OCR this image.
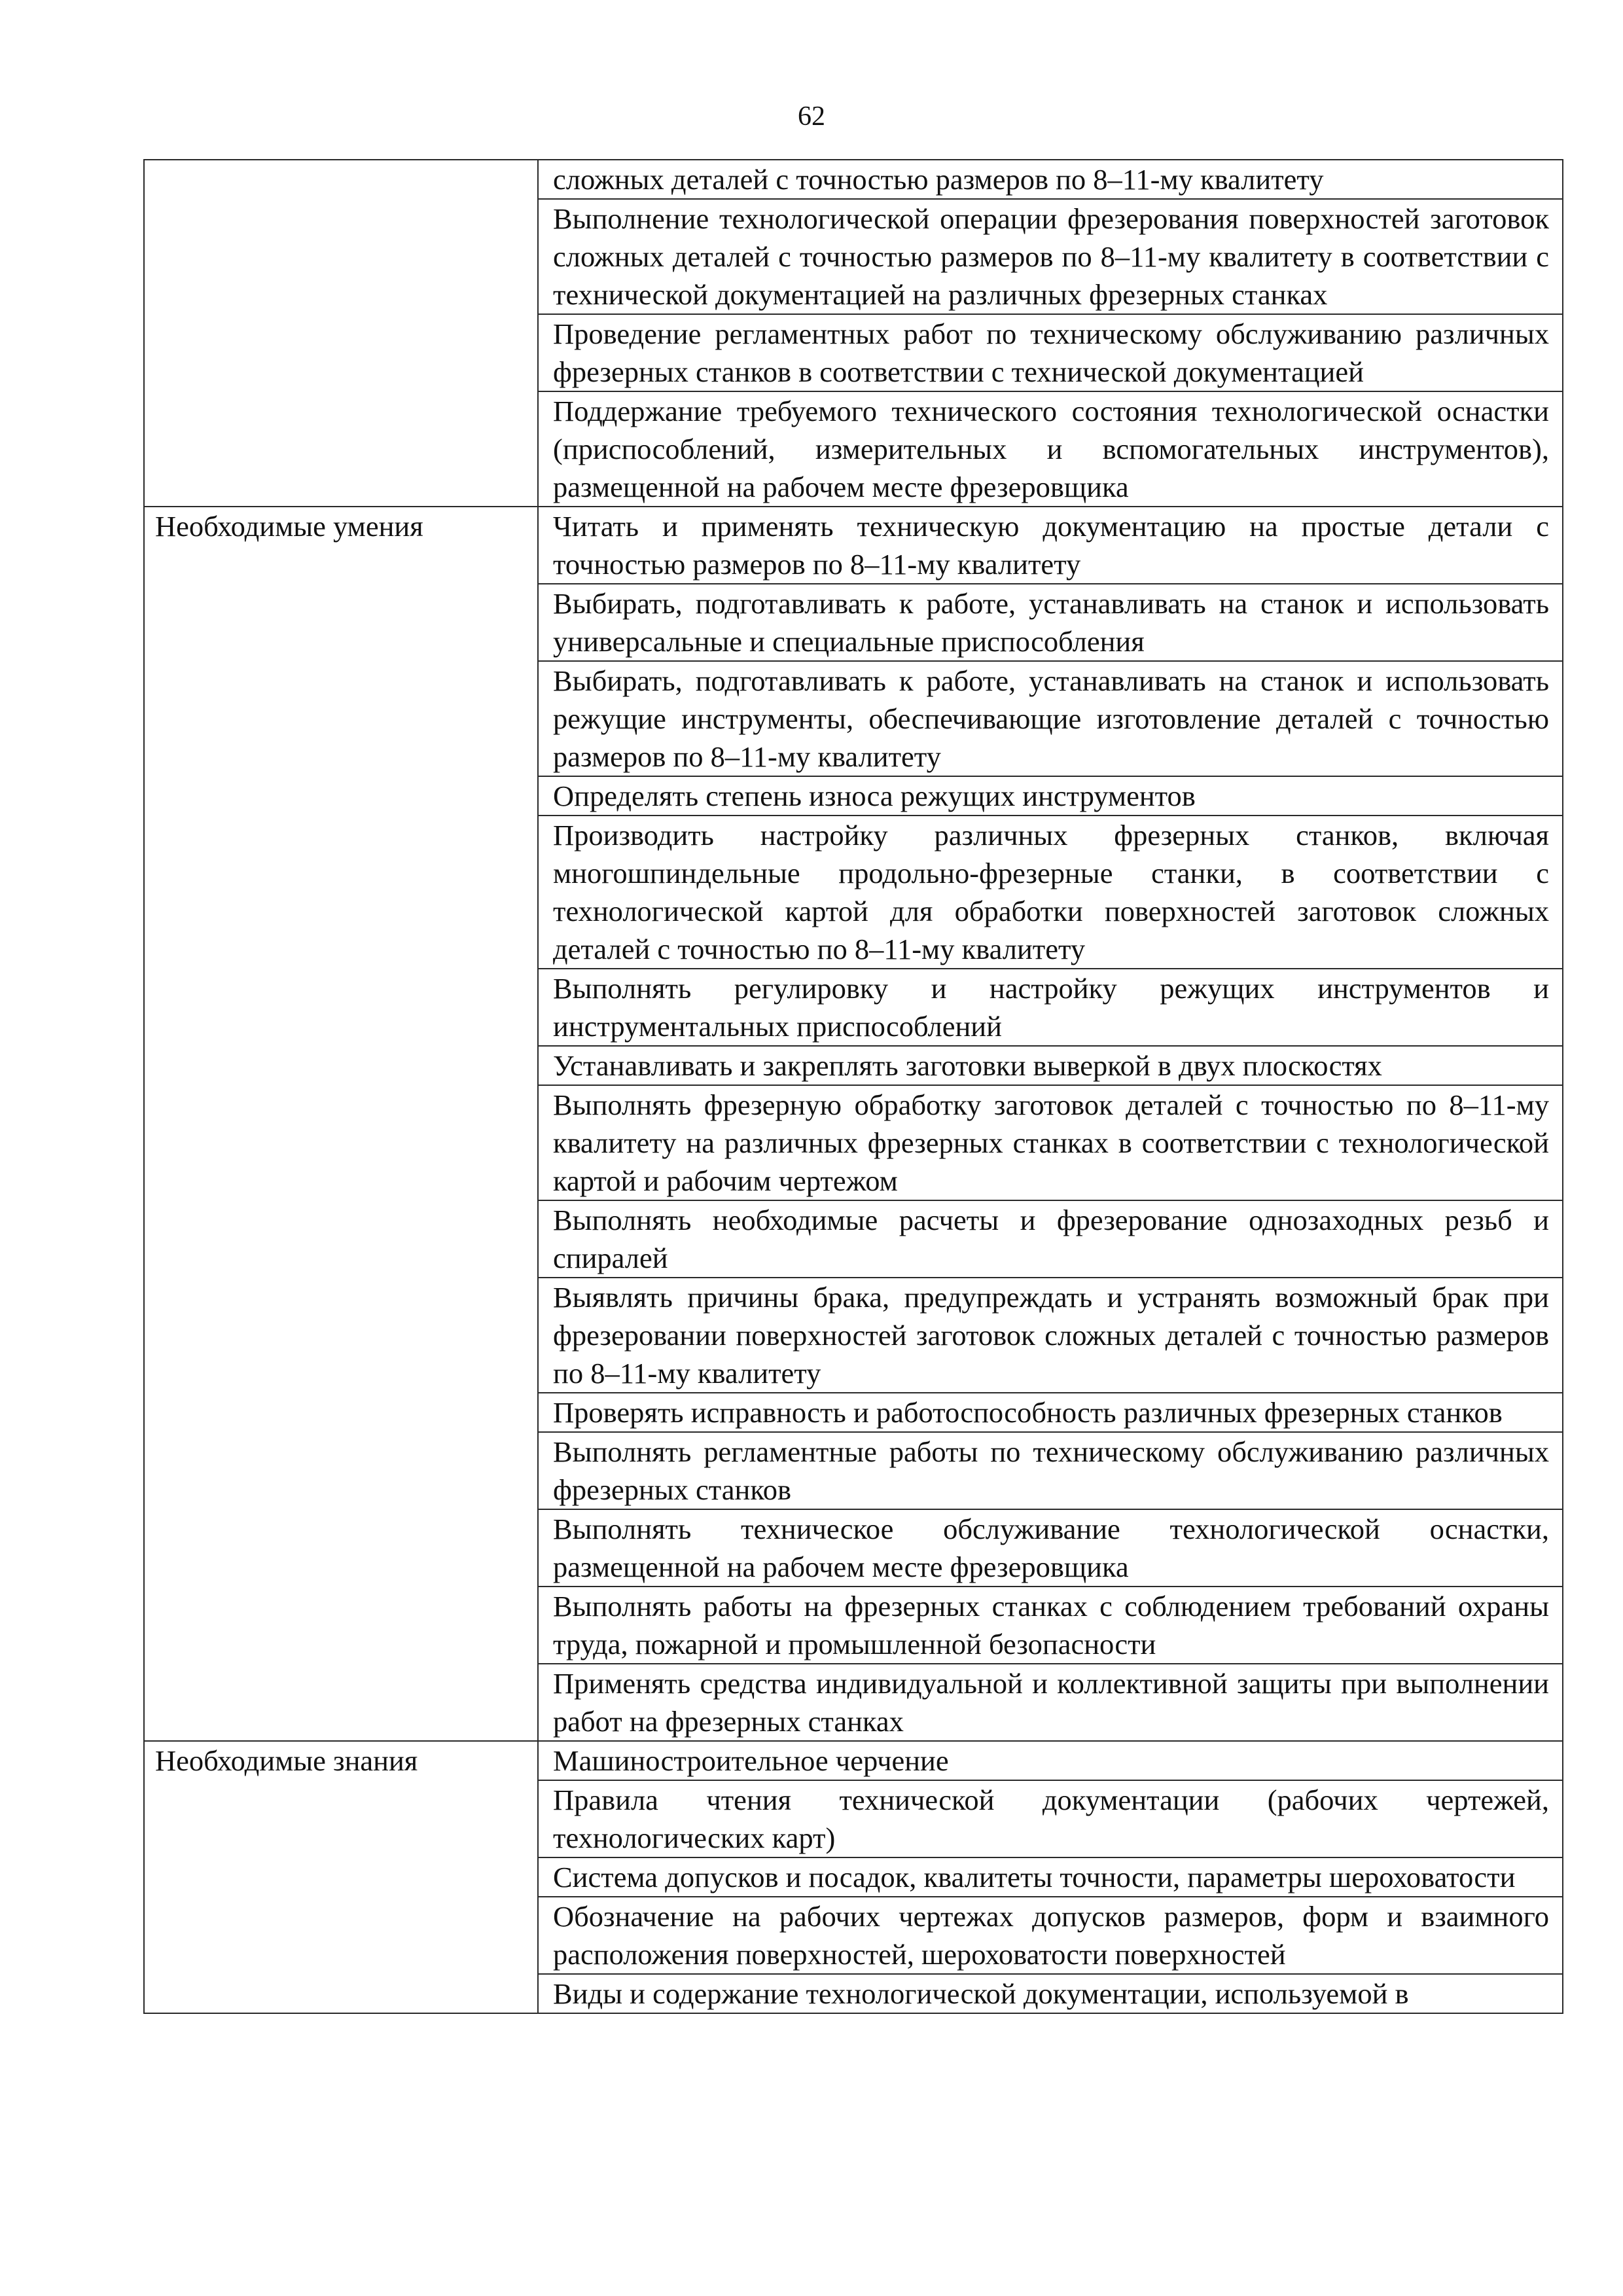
62
	сложных деталей с точностью размеров по 8–11-му квалитету
	Выполнение технологической операции фрезерования поверхностей заготовок сложных деталей с точностью размеров по 8–11-му квалитету в соответствии с технической документацией на различных фрезерных станках
	Проведение регламентных работ по техническому обслуживанию различных фрезерных станков в соответствии с технической документацией
	Поддержание требуемого технического состояния технологической оснастки (приспособлений, измерительных и вспомогательных инструментов), размещенной на рабочем месте фрезеровщика
Необходимые умения	Читать и применять техническую документацию на простые детали с точностью размеров по 8–11-му квалитету
	Выбирать, подготавливать к работе, устанавливать на станок и использовать универсальные и специальные приспособления
	Выбирать, подготавливать к работе, устанавливать на станок и использовать режущие инструменты, обеспечивающие изготовление деталей с точностью размеров по 8–11-му квалитету
	Определять степень износа режущих инструментов
	Производить настройку различных фрезерных станков, включая многошпиндельные продольно-фрезерные станки, в соответствии с технологической картой для обработки поверхностей заготовок сложных деталей с точностью по 8–11-му квалитету
	Выполнять регулировку и настройку режущих инструментов и инструментальных приспособлений
	Устанавливать и закреплять заготовки выверкой в двух плоскостях
	Выполнять фрезерную обработку заготовок деталей с точностью по 8–11-му квалитету на различных фрезерных станках в соответствии с технологической картой и рабочим чертежом
	Выполнять необходимые расчеты и фрезерование однозаходных резьб и спиралей
	Выявлять причины брака, предупреждать и устранять возможный брак при фрезеровании поверхностей заготовок сложных деталей с точностью размеров по 8–11-му квалитету
	Проверять исправность и работоспособность различных фрезерных станков
	Выполнять регламентные работы по техническому обслуживанию различных фрезерных станков
	Выполнять техническое обслуживание технологической оснастки, размещенной на рабочем месте фрезеровщика
	Выполнять работы на фрезерных станках с соблюдением требований охраны труда, пожарной и промышленной безопасности
	Применять средства индивидуальной и коллективной защиты при выполнении работ на фрезерных станках
Необходимые знания	Машиностроительное черчение
	Правила чтения технической документации (рабочих чертежей, технологических карт)
	Система допусков и посадок, квалитеты точности, параметры шероховатости
	Обозначение на рабочих чертежах допусков размеров, форм и взаимного расположения поверхностей, шероховатости поверхностей
	Виды и содержание технологической документации, используемой в
